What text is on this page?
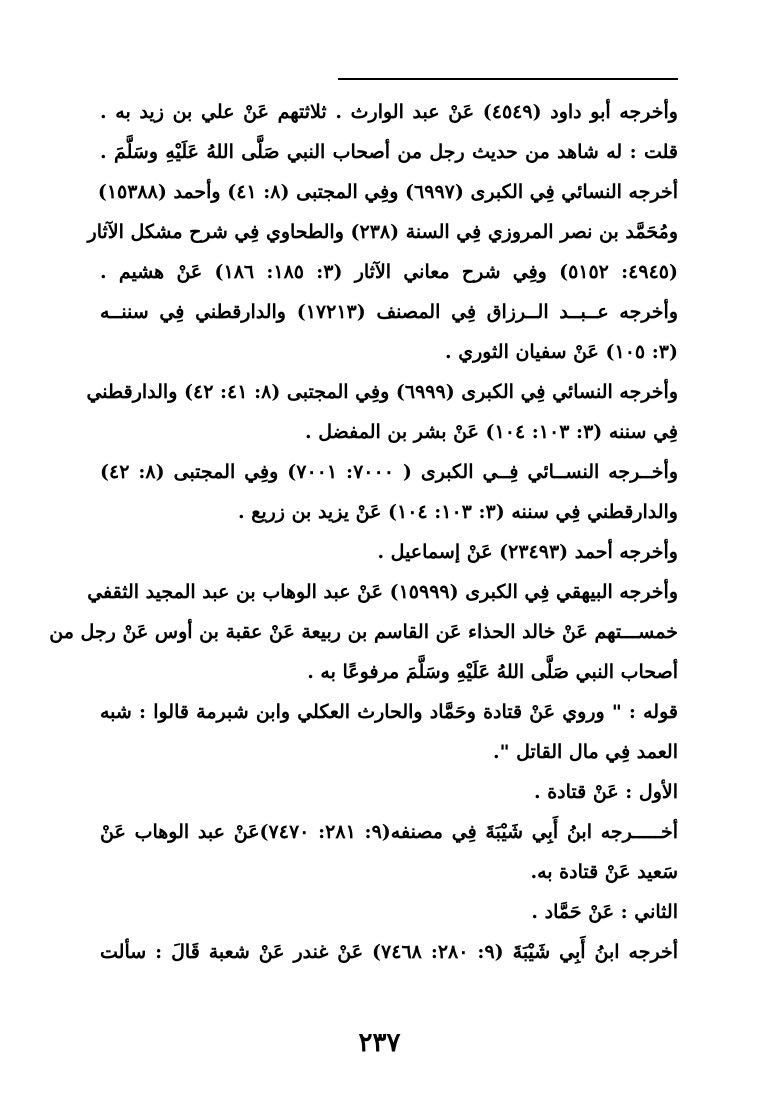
وأخرجه أبو داود (٤٥٤٩) عَنْ عبد الوارث . ثلاثتهم عَنْ علي بن زيد به .
قلت : له شاهد من حديث رجل من أصحاب النبي صَلَّى اللهُ عَلَيْهِ وسَلَّمَ .
أخرجه النسائي فِي الكبرى (٦٩٩٧) وفِي المجتبى (٨: ٤١) وأحمد (١٥٣٨٨)
ومُحَمَّد بن نصر المروزي فِي السنة (٢٣٨) والطحاوي فِي شرح مشكل الآثار
(٤٩٤٥: ٥١٥٢) وفِي شرح معاني الآثار (٣: ١٨٥: ١٨٦) عَنْ هشيم .
وأخرجه عــبــد الــرزاق فِي المصنف (١٧٢١٣) والدارقطني فِي سننــه
(٣: ١٠٥) عَنْ سفيان الثوري .
وأخرجه النسائي فِي الكبرى (٦٩٩٩) وفِي المجتبى (٨: ٤١: ٤٢) والدارقطني
فِي سننه (٣: ١٠٣: ١٠٤) عَنْ بشر بن المفضل .
وأخــرجه النســائي فِــي الكبرى ( ٧٠٠٠: ٧٠٠١) وفِي المجتبى (٨: ٤٢)
والدارقطني فِي سننه (٣: ١٠٣: ١٠٤) عَنْ يزيد بن زريع .
وأخرجه أحمد (٢٣٤٩٣) عَنْ إسماعيل .
وأخرجه البيهقي فِي الكبرى (١٥٩٩٩) عَنْ عبد الوهاب بن عبد المجيد الثقفي
خمســـتهم عَنْ خالد الحذاء عَن القاسم بن ربيعة عَنْ عقبة بن أوس عَنْ رجل من
أصحاب النبي صَلَّى اللهُ عَلَيْهِ وسَلَّمَ مرفوعًا به .
قوله : " وروي عَنْ قتادة وحَمَّاد والحارث العكلي وابن شبرمة قالوا : شبه
العمد فِي مال القاتل ".
الأول : عَنْ قتادة .
أخـــــرجه ابنُ أَبِي شَيْبَةَ فِي مصنفه(٩: ٢٨١: ٧٤٧٠)عَنْ عبد الوهاب عَنْ
سَعيد عَنْ قتادة به.
الثاني : عَنْ حَمَّاد .
أخرجه ابنُ أَبِي شَيْبَةَ (٩: ٢٨٠: ٧٤٦٨) عَنْ غندر عَنْ شعبة قَالَ : سألت
٢٣٧
